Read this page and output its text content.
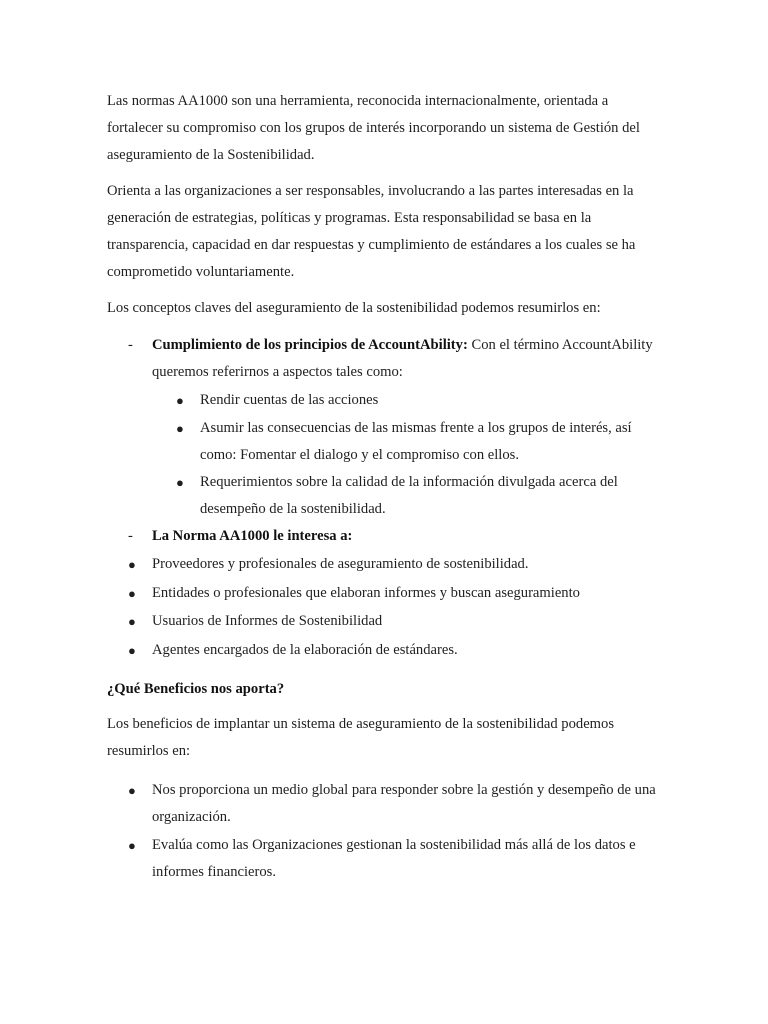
Las normas AA1000 son una herramienta, reconocida internacionalmente, orientada a fortalecer su compromiso con los grupos de interés incorporando un sistema de Gestión del aseguramiento de la Sostenibilidad.

Orienta a las organizaciones a ser responsables, involucrando a las partes interesadas en la generación de estrategias, políticas y programas. Esta responsabilidad se basa en la transparencia, capacidad en dar respuestas y cumplimiento de estándares a los cuales se ha comprometido voluntariamente.

Los conceptos claves del aseguramiento de la sostenibilidad podemos resumirlos en:

- Cumplimiento de los principios de AccountAbility: Con el término AccountAbility queremos referirnos a aspectos tales como:
● Rendir cuentas de las acciones
● Asumir las consecuencias de las mismas frente a los grupos de interés, así como: Fomentar el dialogo y el compromiso con ellos.
● Requerimientos sobre la calidad de la información divulgada acerca del desempeño de la sostenibilidad.
- La Norma AA1000 le interesa a:
● Proveedores y profesionales de aseguramiento de sostenibilidad.
● Entidades o profesionales que elaboran informes y buscan aseguramiento
● Usuarios de Informes de Sostenibilidad
● Agentes encargados de la elaboración de estándares.

¿Qué Beneficios nos aporta?

Los beneficios de implantar un sistema de aseguramiento de la sostenibilidad podemos resumirlos en:

● Nos proporciona un medio global para responder sobre la gestión y desempeño de una organización.
● Evalúa como las Organizaciones gestionan la sostenibilidad más allá de los datos e informes financieros.
